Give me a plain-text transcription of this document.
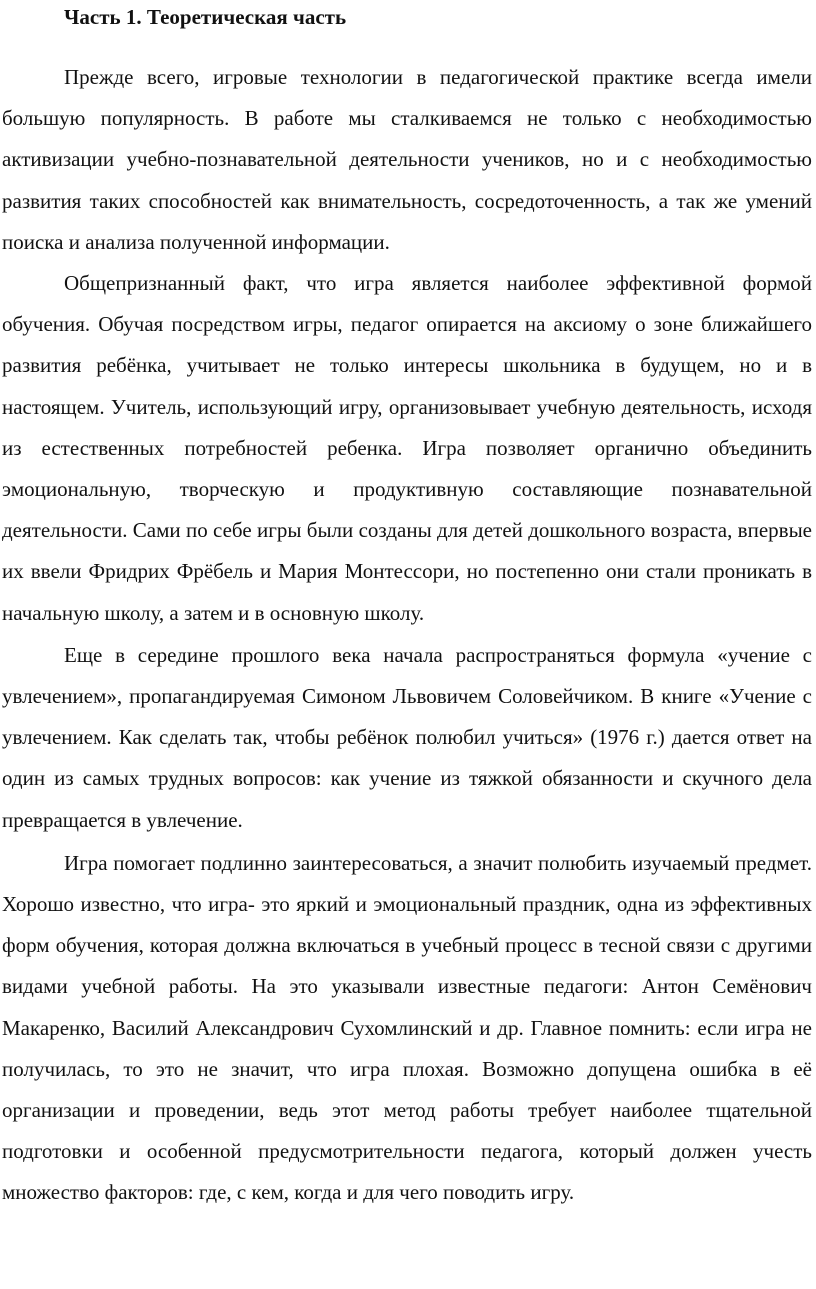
Часть 1. Теоретическая часть

Прежде всего, игровые технологии в педагогической практике всегда имели большую популярность. В работе мы сталкиваемся не только с необходимостью активизации учебно-познавательной деятельности учеников, но и с необходимостью развития таких способностей как внимательность, сосредоточенность, а так же умений поиска и анализа полученной информации.

Общепризнанный факт, что игра является наиболее эффективной формой обучения. Обучая посредством игры, педагог опирается на аксиому о зоне ближайшего развития ребёнка, учитывает не только интересы школьника в будущем, но и в настоящем. Учитель, использующий игру, организовывает учебную деятельность, исходя из естественных потребностей ребенка. Игра позволяет органично объединить эмоциональную, творческую и продуктивную составляющие познавательной деятельности. Сами по себе игры были созданы для детей дошкольного возраста, впервые их ввели Фридрих Фрёбель и Мария Монтессори, но постепенно они стали проникать в начальную школу, а затем и в основную школу.

Еще в середине прошлого века начала распространяться формула «учение с увлечением», пропагандируемая Симоном Львовичем Соловейчиком. В книге «Учение с увлечением. Как сделать так, чтобы ребёнок полюбил учиться» (1976 г.) дается ответ на один из самых трудных вопросов: как учение из тяжкой обязанности и скучного дела превращается в увлечение.

Игра помогает подлинно заинтересоваться, а значит полюбить изучаемый предмет. Хорошо известно, что игра- это яркий и эмоциональный праздник, одна из эффективных форм обучения, которая должна включаться в учебный процесс в тесной связи с другими видами учебной работы. На это указывали известные педагоги: Антон Семёнович Макаренко, Василий Александрович Сухомлинский и др. Главное помнить: если игра не получилась, то это не значит, что игра плохая. Возможно допущена ошибка в её организации и проведении, ведь этот метод работы требует наиболее тщательной подготовки и особенной предусмотрительности педагога, который должен учесть множество факторов: где, с кем, когда и для чего поводить игру.
